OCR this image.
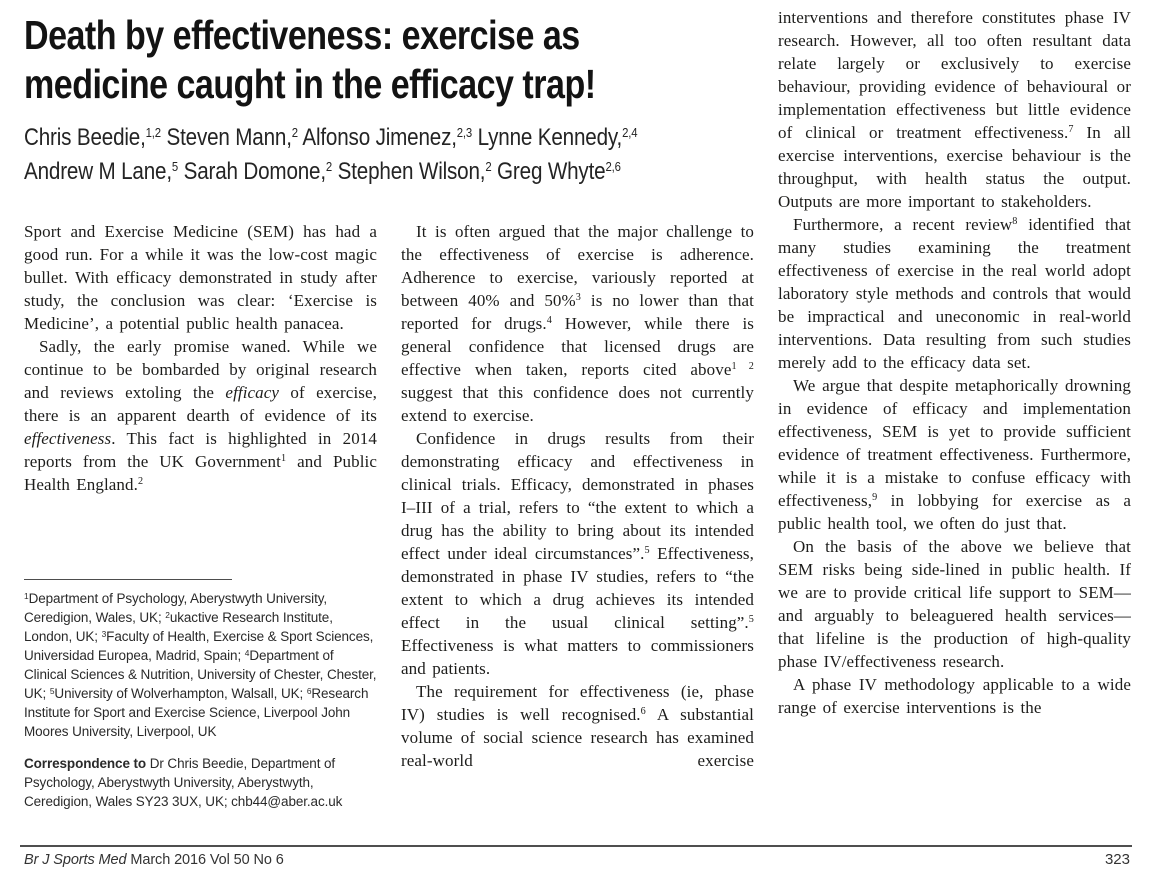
Death by effectiveness: exercise as
medicine caught in the efficacy trap!
Chris Beedie,$^{1,2}$ Steven Mann,$^2$ Alfonso Jimenez,$^{2,3}$ Lynne Kennedy,$^{2,4}$
Andrew M Lane,$^5$ Sarah Domone,$^2$ Stephen Wilson,$^2$ Greg Whyte$^{2,6}$

Sport and Exercise Medicine (SEM) has had a good run. For a while it was the low-cost magic bullet. With efficacy demonstrated in study after study, the conclusion was clear: ‘Exercise is Medicine’, a potential public health panacea.

Sadly, the early promise waned. While we continue to be bombarded by original research and reviews extoling the efficacy of exercise, there is an apparent dearth of evidence of its effectiveness. This fact is highlighted in 2014 reports from the UK Government$^1$ and Public Health England.$^2$

It is often argued that the major challenge to the effectiveness of exercise is adherence. Adherence to exercise, variously reported at between 40% and 50%$^3$ is no lower than that reported for drugs.$^4$ However, while there is general confidence that licensed drugs are effective when taken, reports cited above$^{1 2}$ suggest that this confidence does not currently extend to exercise.

Confidence in drugs results from their demonstrating efficacy and effectiveness in clinical trials. Efficacy, demonstrated in phases I–III of a trial, refers to “the extent to which a drug has the ability to bring about its intended effect under ideal circumstances”.$^5$ Effectiveness, demonstrated in phase IV studies, refers to “the extent to which a drug achieves its intended effect in the usual clinical setting”.$^5$ Effectiveness is what matters to commissioners and patients.

The requirement for effectiveness (ie, phase IV) studies is well recognised.$^6$ A substantial volume of social science research has examined real-world exercise

interventions and therefore constitutes phase IV research. However, all too often resultant data relate largely or exclusively to exercise behaviour, providing evidence of behavioural or implementation effectiveness but little evidence of clinical or treatment effectiveness.$^7$ In all exercise interventions, exercise behaviour is the throughput, with health status the output. Outputs are more important to stakeholders.

Furthermore, a recent review$^8$ identified that many studies examining the treatment effectiveness of exercise in the real world adopt laboratory style methods and controls that would be impractical and uneconomic in real-world interventions. Data resulting from such studies merely add to the efficacy data set.

We argue that despite metaphorically drowning in evidence of efficacy and implementation effectiveness, SEM is yet to provide sufficient evidence of treatment effectiveness. Furthermore, while it is a mistake to confuse efficacy with effectiveness,$^9$ in lobbying for exercise as a public health tool, we often do just that.

On the basis of the above we believe that SEM risks being side-lined in public health. If we are to provide critical life support to SEM—and arguably to beleaguered health services—that lifeline is the production of high-quality phase IV/effectiveness research.

A phase IV methodology applicable to a wide range of exercise interventions is the

$^1$Department of Psychology, Aberystwyth University, Ceredigion, Wales, UK; $^2$ukactive Research Institute, London, UK; $^3$Faculty of Health, Exercise & Sport Sciences, Universidad Europea, Madrid, Spain; $^4$Department of Clinical Sciences & Nutrition, University of Chester, Chester, UK; $^5$University of Wolverhampton, Walsall, UK; $^6$Research Institute for Sport and Exercise Science, Liverpool John Moores University, Liverpool, UK

Correspondence to Dr Chris Beedie, Department of Psychology, Aberystwyth University, Aberystwyth, Ceredigion, Wales SY23 3UX, UK; chb44@aber.ac.uk

Br J Sports Med March 2016 Vol 50 No 6	323
